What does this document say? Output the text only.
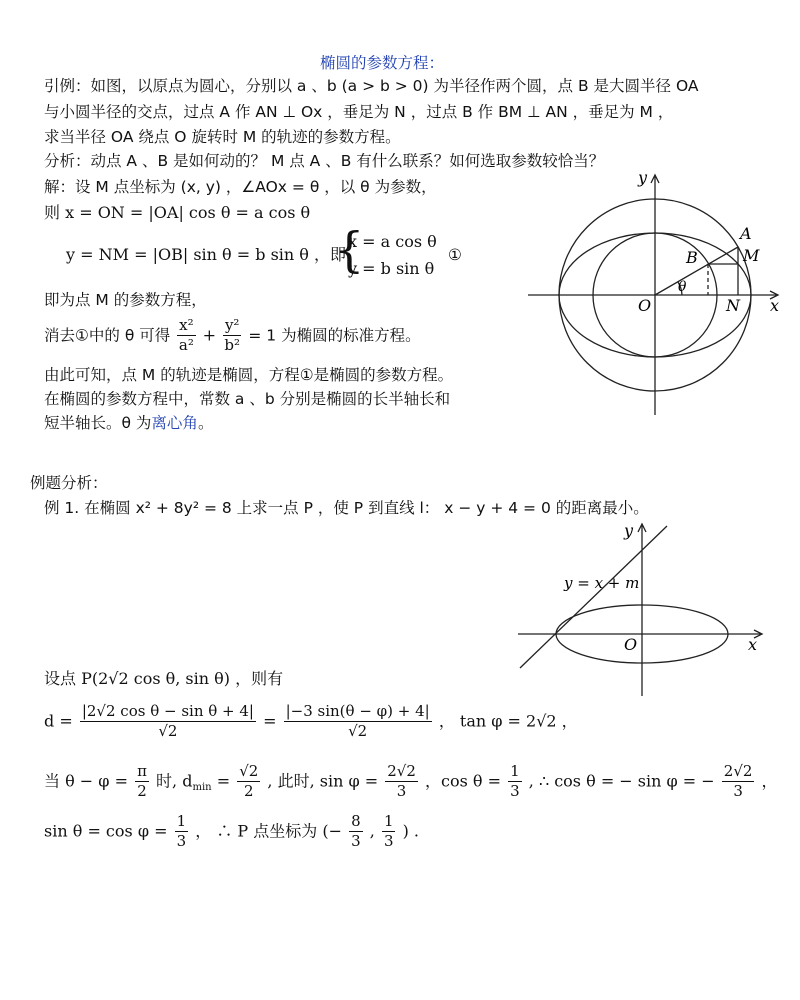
椭圆的参数方程：
引例：如图，以原点为圆心，分别以 a 、b (a > b > 0) 为半径作两个圆，点 B 是大圆半径 OA
与小圆半径的交点，过点 A 作 AN ⊥ Ox ，垂足为 N ，过点 B 作 BM ⊥ AN ，垂足为 M ，
求当半径 OA 绕点 O 旋转时 M 的轨迹的参数方程。
分析：动点 A 、B 是如何动的？ M 点 A 、B 有什么联系？如何选取参数较恰当？
解：设 M 点坐标为 (x, y) ，∠AOx = θ ，以 θ 为参数，
则 x = ON = |OA| cos θ = a cos θ
y = NM = |OB| sin θ = b sin θ ，即
{
x = a cos θ
y = b sin θ
①
即为点 M 的参数方程，
消去①中的 θ 可得 $\frac{\text{x²}}{\text{a²}} + \frac{\text{y²}}{\text{b²}} = 1$ 为椭圆的标准方程。
由此可知，点 M 的轨迹是椭圆，方程①是椭圆的参数方程。
在椭圆的参数方程中，常数 a 、b 分别是椭圆的长半轴长和
短半轴长。θ 为离心角。
y
x
A
M
B
O	N
θ
例题分析：
例 1. 在椭圆 x² + 8y² = 8 上求一点 P ，使 P 到直线 l： x − y + 4 = 0 的距离最小。
y
x
O
y = x + m
设点 P(2√2 cos θ, sin θ) ，则有
$d = \frac{\text{|2√2 cos θ − sin θ + 4|}}{√2} = \frac{|-3 \sin(\theta - \varphi) + 4|}{√2}$ ， tan φ = 2√2 ，
当 $\theta - \varphi = \frac{\pi}{2}$ 时, $d_{min} = \frac{√2}{2}$ , 此时, $\sin \varphi = \frac{2√2}{3}$ ，$\cos \theta = \frac{1}{3}$ , ∴ cos θ = − sin φ = − $\frac{2√2}{3}$ ，
$\sin \theta = \cos \varphi = \frac{1}{3}$ ， ∴ P 点坐标为 (− $\frac{8}{3}$ , $\frac{1}{3}$ ) .
